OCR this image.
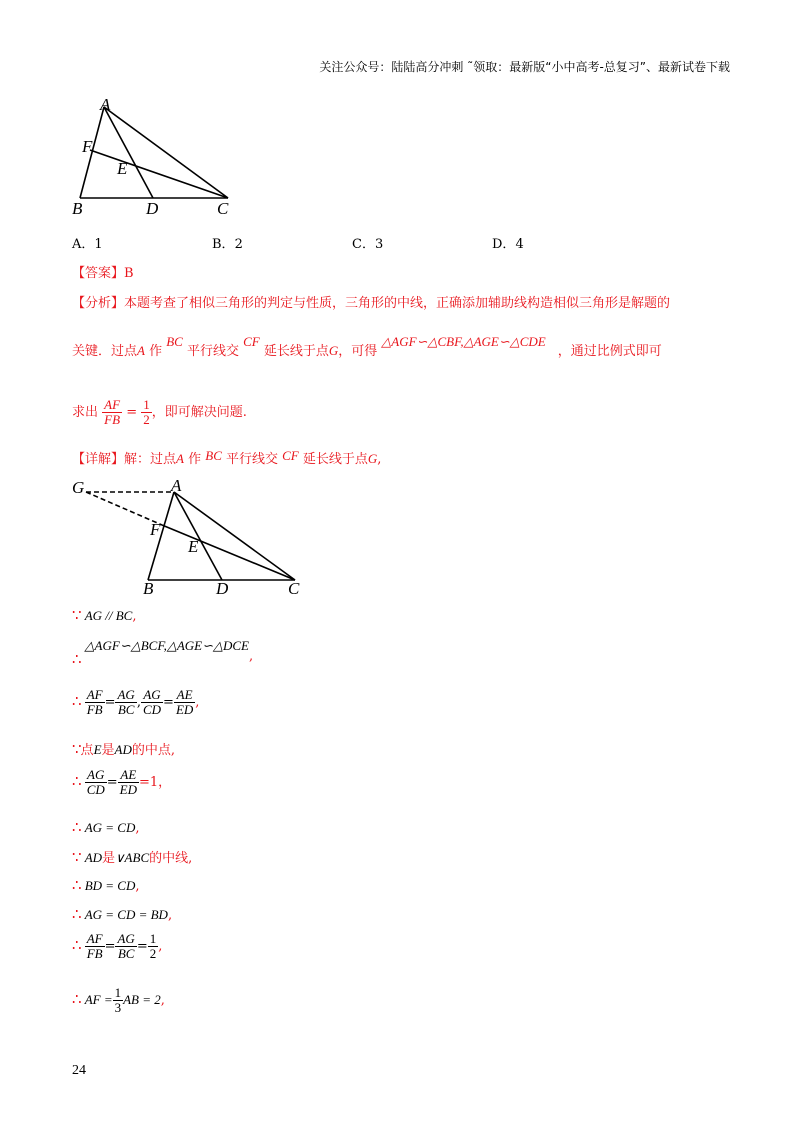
关注公众号：陆陆高分冲刺 ˜领取：最新版“小中高考-总复习”、最新试卷下载
A
F
E
B	D	C
A．1	B．2	C．3	D．4
【答案】B
【分析】本题考查了相似三角形的判定与性质，三角形的中线，正确添加辅助线构造相似三角形是解题的
关键．过点A 作 BC 平行线交 CF 延长线于点G，可得△AGF∽△CBF,△AGE∽△CDE，通过比例式即可
求出 $\frac{AF}{FB} = \frac{1}{2}$ ，即可解决问题.
【详解】解：过点A 作 BC 平行线交 CF 延长线于点G,
G	A
F
E
B	D	C
∵ AG // BC,
∴△AGF∽△BCF,△AGE∽△DCE,
∴ $\frac{AF}{FB} = \frac{AG}{BC}$ , $\frac{AG}{CD} = \frac{AE}{ED}$ ,
∵点E是AD的中点,
∴ $\frac{AG}{CD} = \frac{AE}{ED} =1$，
∴ AG = CD,
∵ AD是∨ABC的中线,
∴ BD = CD,
∴ AG = CD = BD,
∴ $\frac{AF}{FB} = \frac{AG}{BC} = \frac{1}{2}$ ,
∴ AF = $\frac{1}{3}$ AB = 2,
24
